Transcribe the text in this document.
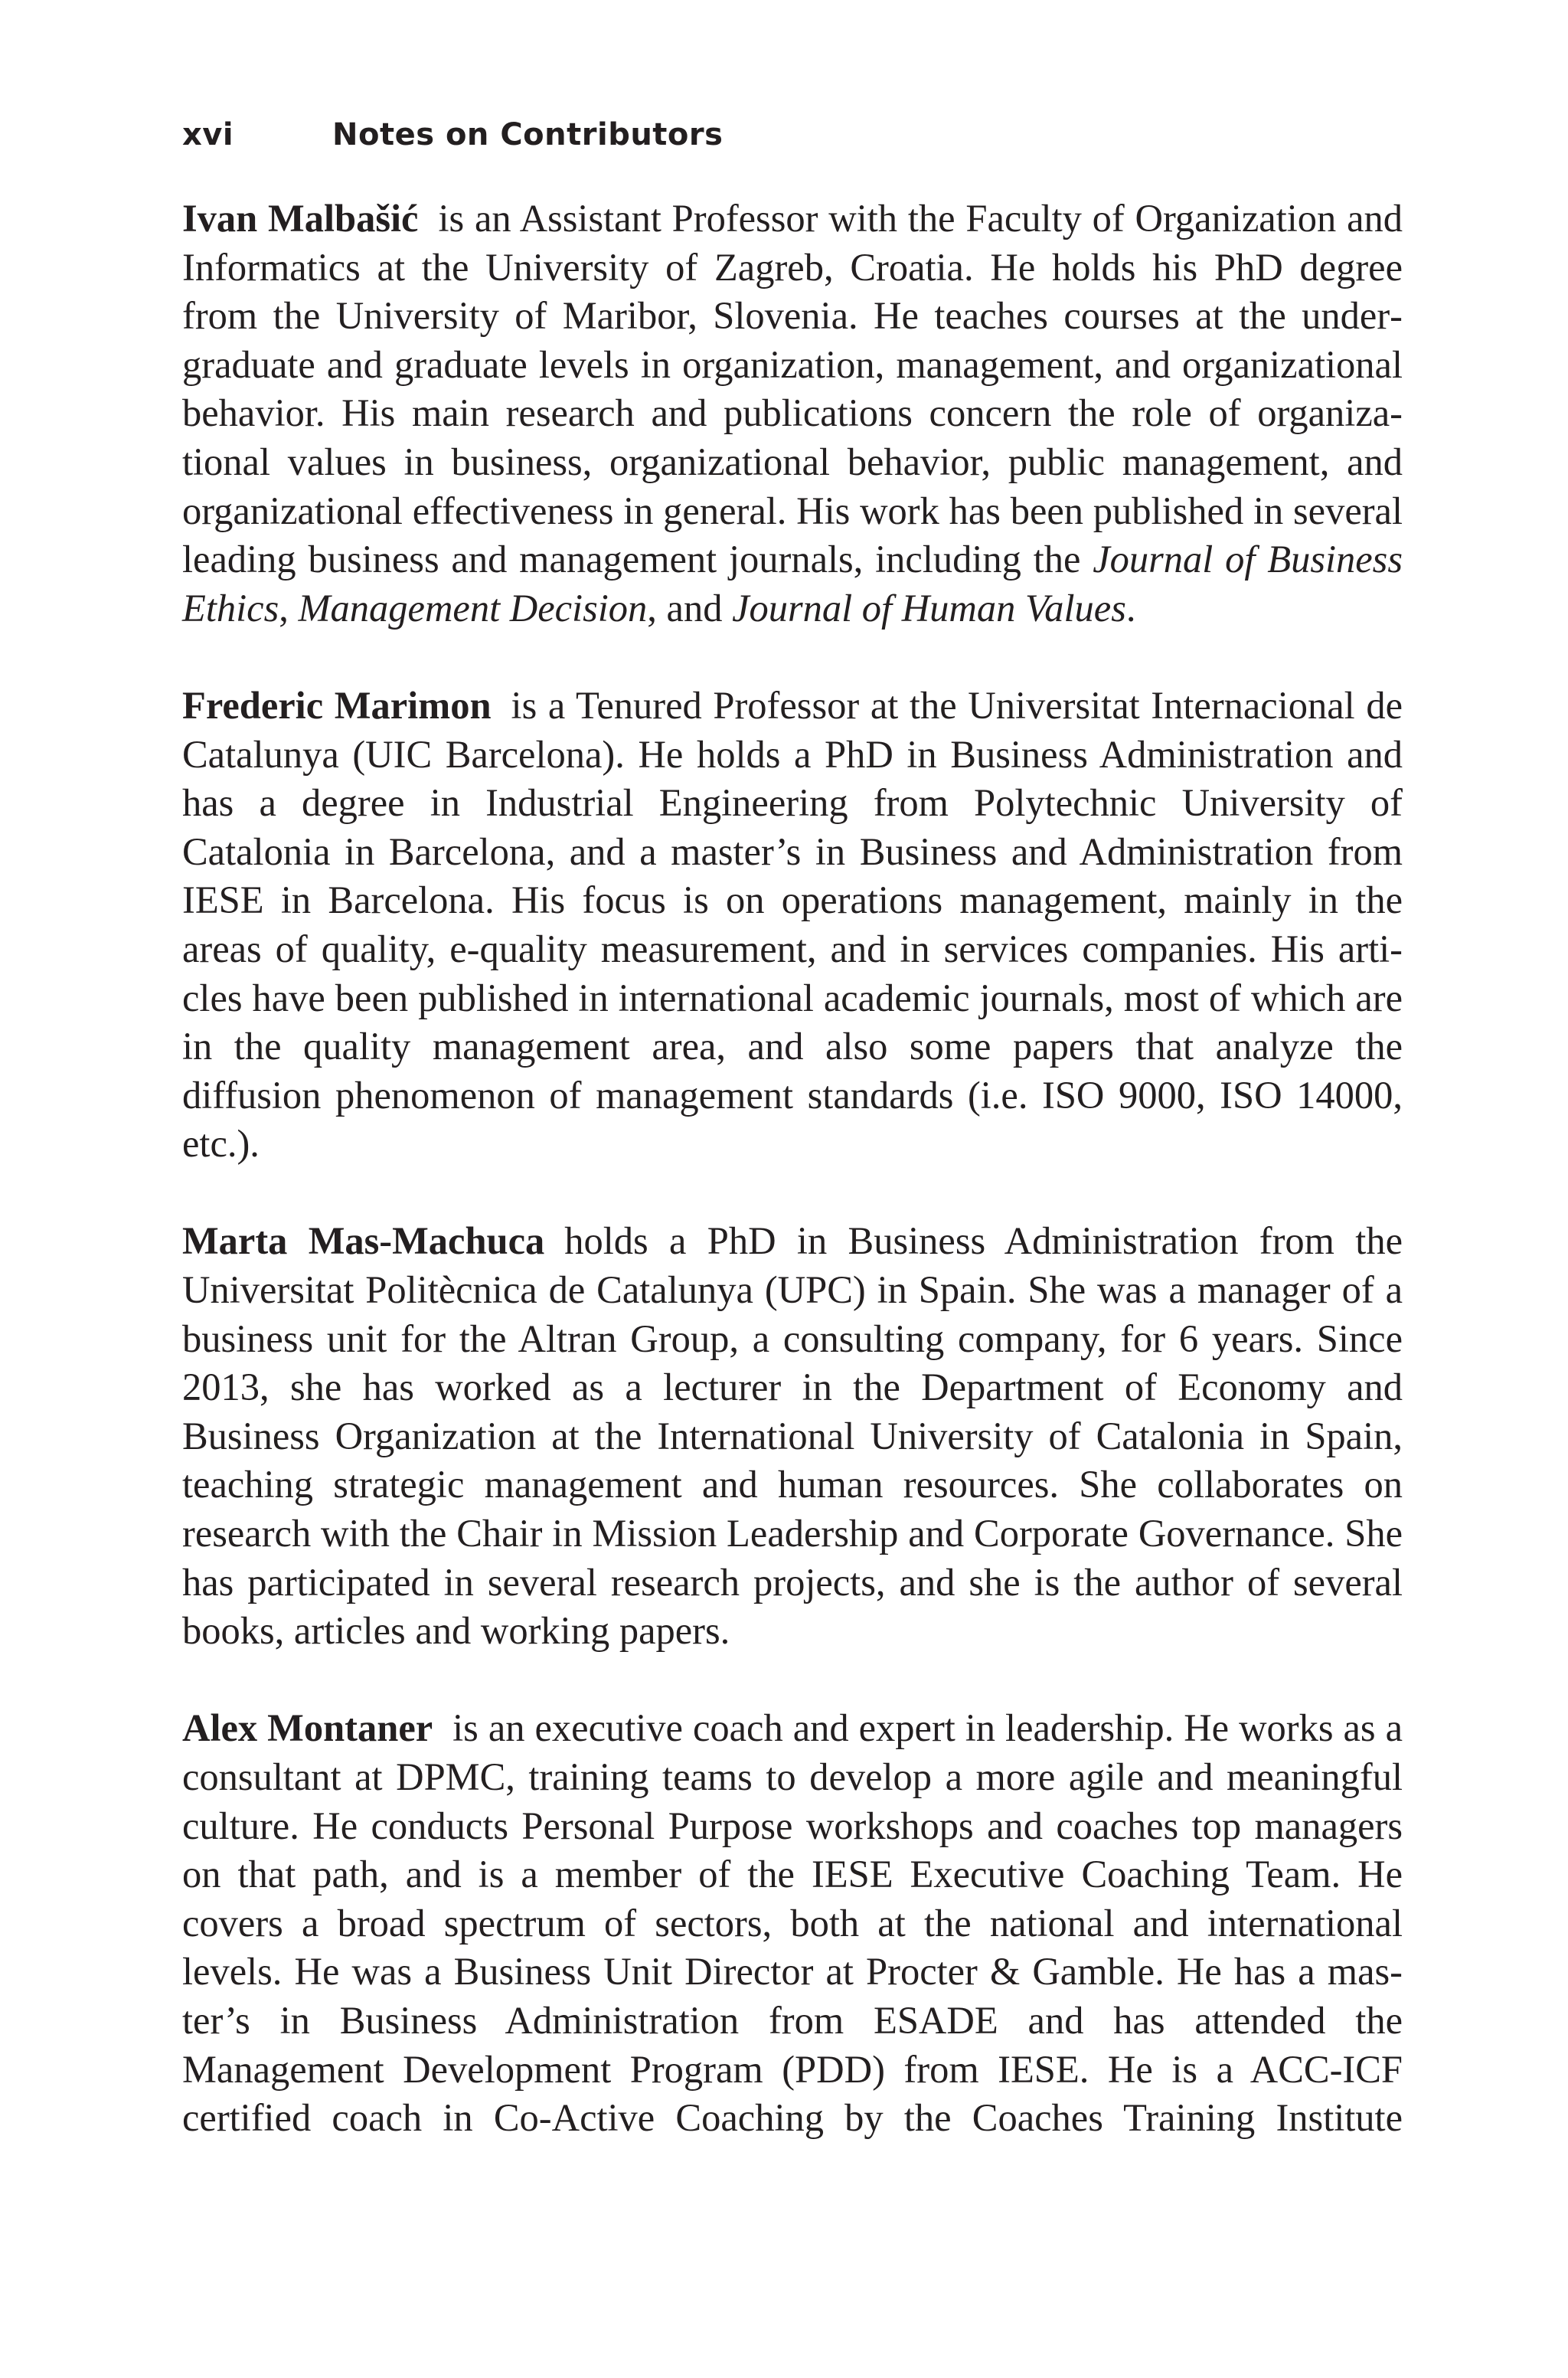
xvi	Notes on Contributors

Ivan Malbašić is an Assistant Professor with the Faculty of Organization and Informatics at the University of Zagreb, Croatia. He holds his PhD degree from the University of Maribor, Slovenia. He teaches courses at the undergraduate and graduate levels in organization, management, and organizational behavior. His main research and publications concern the role of organizational values in business, organizational behavior, public management, and organizational effectiveness in general. His work has been published in several leading business and management journals, including the Journal of Business Ethics, Management Decision, and Journal of Human Values.

Frederic Marimon is a Tenured Professor at the Universitat Internacional de Catalunya (UIC Barcelona). He holds a PhD in Business Administration and has a degree in Industrial Engineering from Polytechnic University of Catalonia in Barcelona, and a master’s in Business and Administration from IESE in Barcelona. His focus is on operations management, mainly in the areas of quality, e-quality measurement, and in services companies. His articles have been published in international academic journals, most of which are in the quality management area, and also some papers that analyze the diffusion phenomenon of management standards (i.e. ISO 9000, ISO 14000, etc.).

Marta Mas-Machuca holds a PhD in Business Administration from the Universitat Politècnica de Catalunya (UPC) in Spain. She was a manager of a business unit for the Altran Group, a consulting company, for 6 years. Since 2013, she has worked as a lecturer in the Department of Economy and Business Organization at the International University of Catalonia in Spain, teaching strategic management and human resources. She collaborates on research with the Chair in Mission Leadership and Corporate Governance. She has participated in several research projects, and she is the author of several books, articles and working papers.

Alex Montaner is an executive coach and expert in leadership. He works as a consultant at DPMC, training teams to develop a more agile and meaningful culture. He conducts Personal Purpose workshops and coaches top managers on that path, and is a member of the IESE Executive Coaching Team. He covers a broad spectrum of sectors, both at the national and international levels. He was a Business Unit Director at Procter & Gamble. He has a master’s in Business Administration from ESADE and has attended the Management Development Program (PDD) from IESE. He is a ACC-ICF certified coach in Co-Active Coaching by the Coaches Training Institute
